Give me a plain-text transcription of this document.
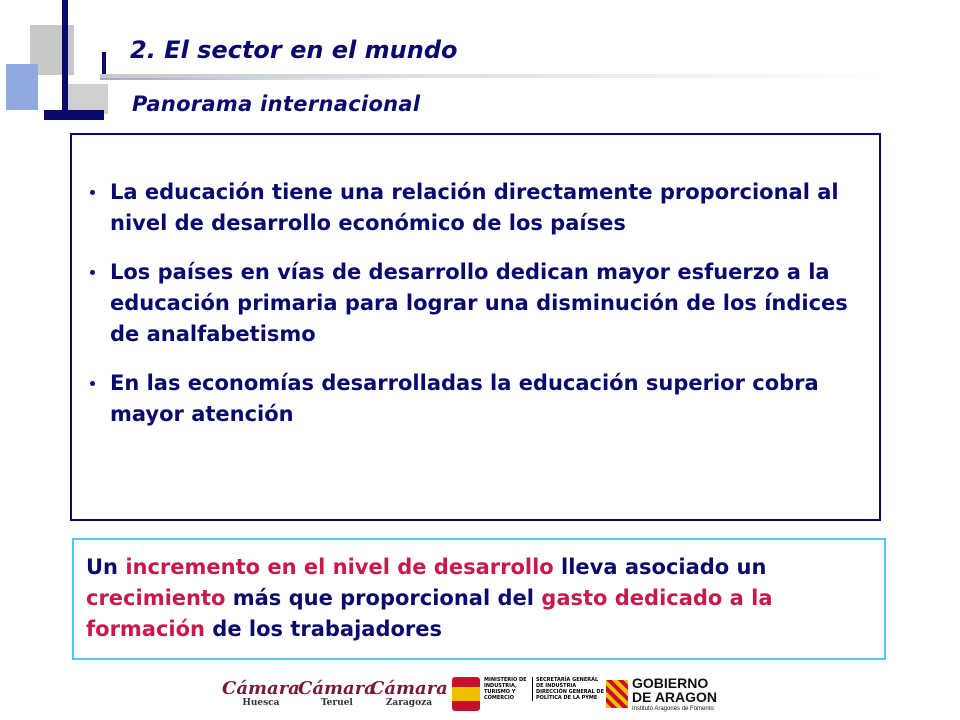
2. El sector en el mundo
Panorama internacional
La educación tiene una relación directamente proporcional al nivel de desarrollo económico de los países
Los países en vías de desarrollo dedican mayor esfuerzo a la educación primaria para lograr una disminución de los índices de analfabetismo
En las economías desarrolladas la educación superior cobra mayor atención

Un incremento en el nivel de desarrollo lleva asociado un crecimiento más que proporcional del gasto dedicado a la formación de los trabajadores

Cámara
Huesca
Cámara
Teruel
Cámara
Zaragoza
MINISTERIO DE INDUSTRIA, TURISMO Y COMERCIO
SECRETARÍA GENERAL DE INDUSTRIA DIRECCIÓN GENERAL DE POLÍTICA DE LA PYME
GOBIERNO
DE ARAGON
Instituto Aragonés de Fomento
